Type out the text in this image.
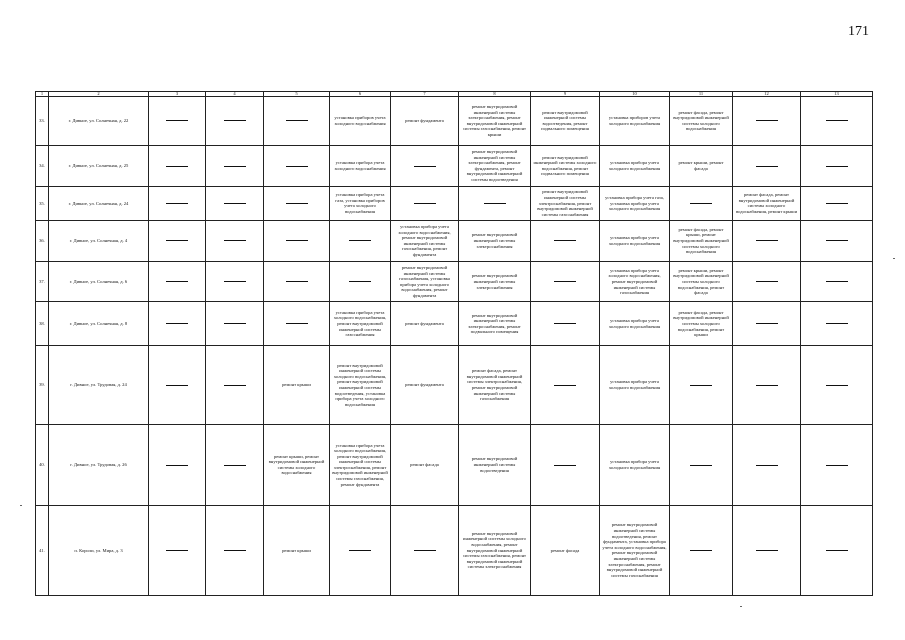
171
1	2	3	4	5	6	7	8	9	10	11	12	13
33.	г. Дивное, ул. Солнечная, д. 22				установка приборов учета холодного водоснабжения	ремонт фундамента	ремонт внутридомовой инженерной системы электроснабжения, ремонт внутридомовой инженерной системы газоснабжения, ремонт крыши	ремонт внутридомовой инженерной системы водоотведения, ремонт подвального помещения	установка приборов учета холодного водоснабжения	ремонт фасада, ремонт внутридомовой инженерной системы холодного водоснабжения		
34.	г. Дивное, ул. Солнечная, д. 25				установка прибора учета холодного водоснабжения		ремонт внутридомовой инженерной системы электроснабжения, ремонт фундамента, ремонт внутридомовой инженерной системы водоотведения	ремонт внутридомовой инженерной системы холодного водоснабжения, ремонт подвального помещения	установка прибора учета холодного водоснабжения	ремонт крыши, ремонт фасада		
35.	г. Дивное, ул. Солнечная, д. 24				установка прибора учета газа, установка приборов учета холодного водоснабжения			ремонт внутридомовой инженерной системы электроснабжения, ремонт внутридомовой инженерной системы газоснабжения	установка прибора учета газа, установка прибора учета холодного водоснабжения		ремонт фасада, ремонт внутридомовой инженерной системы холодного водоснабжения, ремонт крыши	
36.	г. Дивное, ул. Солнечная, д. 4					установка прибора учета холодного водоснабжения, ремонт внутридомовой инженерной системы газоснабжения, ремонт фундамента	ремонт внутридомовой инженерной системы электроснабжения		установка прибора учета холодного водоснабжения	ремонт фасада, ремонт крыши, ремонт внутридомовой инженерной системы холодного водоснабжения		
37.	г. Дивное, ул. Солнечная, д. 6					ремонт внутридомовой инженерной системы газоснабжения, установка прибора учета холодного водоснабжения, ремонт фундамента	ремонт внутридомовой инженерной системы электроснабжения		установка прибора учета холодного водоснабжения, ремонт внутридомовой инженерной системы газоснабжения	ремонт крыши, ремонт внутридомовой инженерной системы холодного водоснабжения, ремонт фасада		
38.	г. Дивное, ул. Солнечная, д. 8				установка прибора учета холодного водоснабжения, ремонт внутридомовой инженерной системы газоснабжения	ремонт фундамента	ремонт внутридомовой инженерной системы электроснабжения, ремонт подвального помещения		установка прибора учета холодного водоснабжения	ремонт фасада, ремонт внутридомовой инженерной системы холодного водоснабжения, ремонт крыши		
39.	г. Дивное, ул. Трудовая, д. 24			ремонт крыши	ремонт внутридомовой инженерной системы холодного водоснабжения, ремонт внутридомовой инженерной системы водоотведения, установка прибора учета холодного водоснабжения	ремонт фундамента	ремонт фасада, ремонт внутридомовой инженерной системы электроснабжения, ремонт внутридомовой инженерной системы газоснабжения		установка прибора учета холодного водоснабжения			
40.	г. Дивное, ул. Трудовая, д. 26			ремонт крыши, ремонт внутридомовой инженерной системы холодного водоснабжения	установка прибора учета холодного водоснабжения, ремонт внутридомовой инженерной системы электроснабжения, ремонт внутридомовой инженерной системы газоснабжения, ремонт фундамента	ремонт фасада	ремонт внутридомовой инженерной системы водоотведения		установка прибора учета холодного водоснабжения			
41.	п. Короли, ул. Мира, д. 3			ремонт крыши			ремонт внутридомовой инженерной системы холодного водоснабжения, ремонт внутридомовой инженерной системы газоснабжения, ремонт внутридомовой инженерной системы электроснабжения	ремонт фасада	ремонт внутридомовой инженерной системы водоотведения, ремонт фундамента, установка прибора учета холодного водоснабжения, ремонт внутридомовой инженерной системы электроснабжения, ремонт внутридомовой инженерной системы газоснабжения			
